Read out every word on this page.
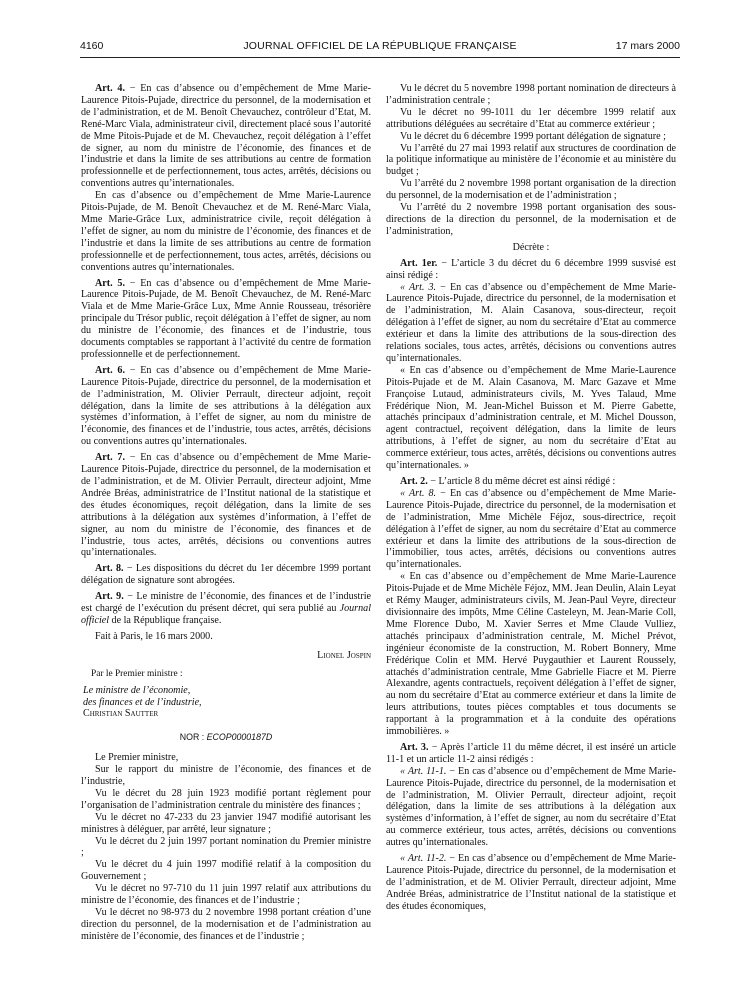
4160	JOURNAL OFFICIEL DE LA RÉPUBLIQUE FRANÇAISE	17 mars 2000

Art. 4. − En cas d’absence ou d’empêchement de Mme Marie-Laurence Pitois-Pujade, directrice du personnel, de la modernisation et de l’administration, et de M. Benoît Chevauchez, contrôleur d’Etat, M. René-Marc Viala, administrateur civil, directement placé sous l’autorité de Mme Pitois-Pujade et de M. Chevauchez, reçoit délégation à l’effet de signer, au nom du ministre de l’économie, des finances et de l’industrie et dans la limite de ses attributions au centre de formation professionnelle et de perfectionnement, tous actes, arrêtés, décisions ou conventions autres qu’internationales.

En cas d’absence ou d’empêchement de Mme Marie-Laurence Pitois-Pujade, de M. Benoît Chevauchez et de M. René-Marc Viala, Mme Marie-Grâce Lux, administratrice civile, reçoit délégation à l’effet de signer, au nom du ministre de l’économie, des finances et de l’industrie et dans la limite de ses attributions au centre de formation professionnelle et de perfectionnement, tous actes, arrêtés, décisions ou conventions autres qu’internationales.

Art. 5. − En cas d’absence ou d’empêchement de Mme Marie-Laurence Pitois-Pujade, de M. Benoît Chevauchez, de M. René-Marc Viala et de Mme Marie-Grâce Lux, Mme Annie Rousseau, trésorière principale du Trésor public, reçoit délégation à l’effet de signer, au nom du ministre de l’économie, des finances et de l’industrie, tous documents comptables se rapportant à l’activité du centre de formation professionnelle et de perfectionnement.

Art. 6. − En cas d’absence ou d’empêchement de Mme Marie-Laurence Pitois-Pujade, directrice du personnel, de la modernisation et de l’administration, M. Olivier Perrault, directeur adjoint, reçoit délégation, dans la limite de ses attributions à la délégation aux systèmes d’information, à l’effet de signer, au nom du ministre de l’économie, des finances et de l’industrie, tous actes, arrêtés, décisions ou conventions autres qu’internationales.

Art. 7. − En cas d’absence ou d’empêchement de Mme Marie-Laurence Pitois-Pujade, directrice du personnel, de la modernisation et de l’administration, et de M. Olivier Perrault, directeur adjoint, Mme Andrée Bréas, administratrice de l’Institut national de la statistique et des études économiques, reçoit délégation, dans la limite de ses attributions à la délégation aux systèmes d’information, à l’effet de signer, au nom du ministre de l’économie, des finances et de l’industrie, tous actes, arrêtés, décisions ou conventions autres qu’internationales.

Art. 8. − Les dispositions du décret du 1er décembre 1999 portant délégation de signature sont abrogées.

Art. 9. − Le ministre de l’économie, des finances et de l’industrie est chargé de l’exécution du présent décret, qui sera publié au Journal officiel de la République française.

Fait à Paris, le 16 mars 2000.

Lionel Jospin
Par le Premier ministre :
Le ministre de l’économie,
des finances et de l’industrie,
Christian Sautter
NOR : ECOP0000187D

Le Premier ministre,

Sur le rapport du ministre de l’économie, des finances et de l’industrie,

Vu le décret du 28 juin 1923 modifié portant règlement pour l’organisation de l’administration centrale du ministère des finances ;

Vu le décret no 47-233 du 23 janvier 1947 modifié autorisant les ministres à déléguer, par arrêté, leur signature ;

Vu le décret du 2 juin 1997 portant nomination du Premier ministre ;

Vu le décret du 4 juin 1997 modifié relatif à la composition du Gouvernement ;

Vu le décret no 97-710 du 11 juin 1997 relatif aux attributions du ministre de l’économie, des finances et de l’industrie ;

Vu le décret no 98-973 du 2 novembre 1998 portant création d’une direction du personnel, de la modernisation et de l’administration au ministère de l’économie, des finances et de l’industrie ;

Vu le décret du 5 novembre 1998 portant nomination de directeurs à l’administration centrale ;

Vu le décret no 99-1011 du 1er décembre 1999 relatif aux attributions déléguées au secrétaire d’Etat au commerce extérieur ;

Vu le décret du 6 décembre 1999 portant délégation de signature ;

Vu l’arrêté du 27 mai 1993 relatif aux structures de coordination de la politique informatique au ministère de l’économie et au ministère du budget ;

Vu l’arrêté du 2 novembre 1998 portant organisation de la direction du personnel, de la modernisation et de l’administration ;

Vu l’arrêté du 2 novembre 1998 portant organisation des sous-directions de la direction du personnel, de la modernisation et de l’administration,

Décrète :

Art. 1er. − L’article 3 du décret du 6 décembre 1999 susvisé est ainsi rédigé :

« Art. 3. − En cas d’absence ou d’empêchement de Mme Marie-Laurence Pitois-Pujade, directrice du personnel, de la modernisation et de l’administration, M. Alain Casanova, sous-directeur, reçoit délégation à l’effet de signer, au nom du secrétaire d’Etat au commerce extérieur et dans la limite des attributions de la sous-direction des relations sociales, tous actes, arrêtés, décisions ou conventions autres qu’internationales.

« En cas d’absence ou d’empêchement de Mme Marie-Laurence Pitois-Pujade et de M. Alain Casanova, M. Marc Gazave et Mme Françoise Lutaud, administrateurs civils, M. Yves Talaud, Mme Frédérique Nion, M. Jean-Michel Buisson et M. Pierre Gabette, attachés principaux d’administration centrale, et M. Michel Dousson, agent contractuel, reçoivent délégation, dans la limite de leurs attributions, à l’effet de signer, au nom du secrétaire d’Etat au commerce extérieur, tous actes, arrêtés, décisions ou conventions autres qu’internationales. »

Art. 2. − L’article 8 du même décret est ainsi rédigé :

« Art. 8. − En cas d’absence ou d’empêchement de Mme Marie-Laurence Pitois-Pujade, directrice du personnel, de la modernisation et de l’administration, Mme Michèle Féjoz, sous-directrice, reçoit délégation à l’effet de signer, au nom du secrétaire d’Etat au commerce extérieur et dans la limite des attributions de la sous-direction de l’immobilier, tous actes, arrêtés, décisions ou conventions autres qu’internationales.

« En cas d’absence ou d’empêchement de Mme Marie-Laurence Pitois-Pujade et de Mme Michèle Féjoz, MM. Jean Deulin, Alain Leyat et Rémy Mauger, administrateurs civils, M. Jean-Paul Veyre, directeur divisionnaire des impôts, Mme Céline Casteleyn, M. Jean-Marie Coll, Mme Florence Dubo, M. Xavier Serres et Mme Claude Vulliez, attachés principaux d’administration centrale, M. Michel Prévot, ingénieur économiste de la construction, M. Robert Bonnery, Mme Frédérique Colin et MM. Hervé Puygauthier et Laurent Roussely, attachés d’administration centrale, Mme Gabrielle Fiacre et M. Pierre Alexandre, agents contractuels, reçoivent délégation à l’effet de signer, au nom du secrétaire d’Etat au commerce extérieur et dans la limite de leurs attributions, toutes pièces comptables et tous documents se rapportant à la programmation et à la conduite des opérations immobilières. »

Art. 3. − Après l’article 11 du même décret, il est inséré un article 11-1 et un article 11-2 ainsi rédigés :

« Art. 11-1. − En cas d’absence ou d’empêchement de Mme Marie-Laurence Pitois-Pujade, directrice du personnel, de la modernisation et de l’administration, M. Olivier Perrault, directeur adjoint, reçoit délégation, dans la limite de ses attributions à la délégation aux systèmes d’information, à l’effet de signer, au nom du secrétaire d’Etat au commerce extérieur, tous actes, arrêtés, décisions ou conventions autres qu’internationales.

« Art. 11-2. − En cas d’absence ou d’empêchement de Mme Marie-Laurence Pitois-Pujade, directrice du personnel, de la modernisation et de l’administration, et de M. Olivier Perrault, directeur adjoint, Mme Andrée Bréas, administratrice de l’Institut national de la statistique et des études économiques,
